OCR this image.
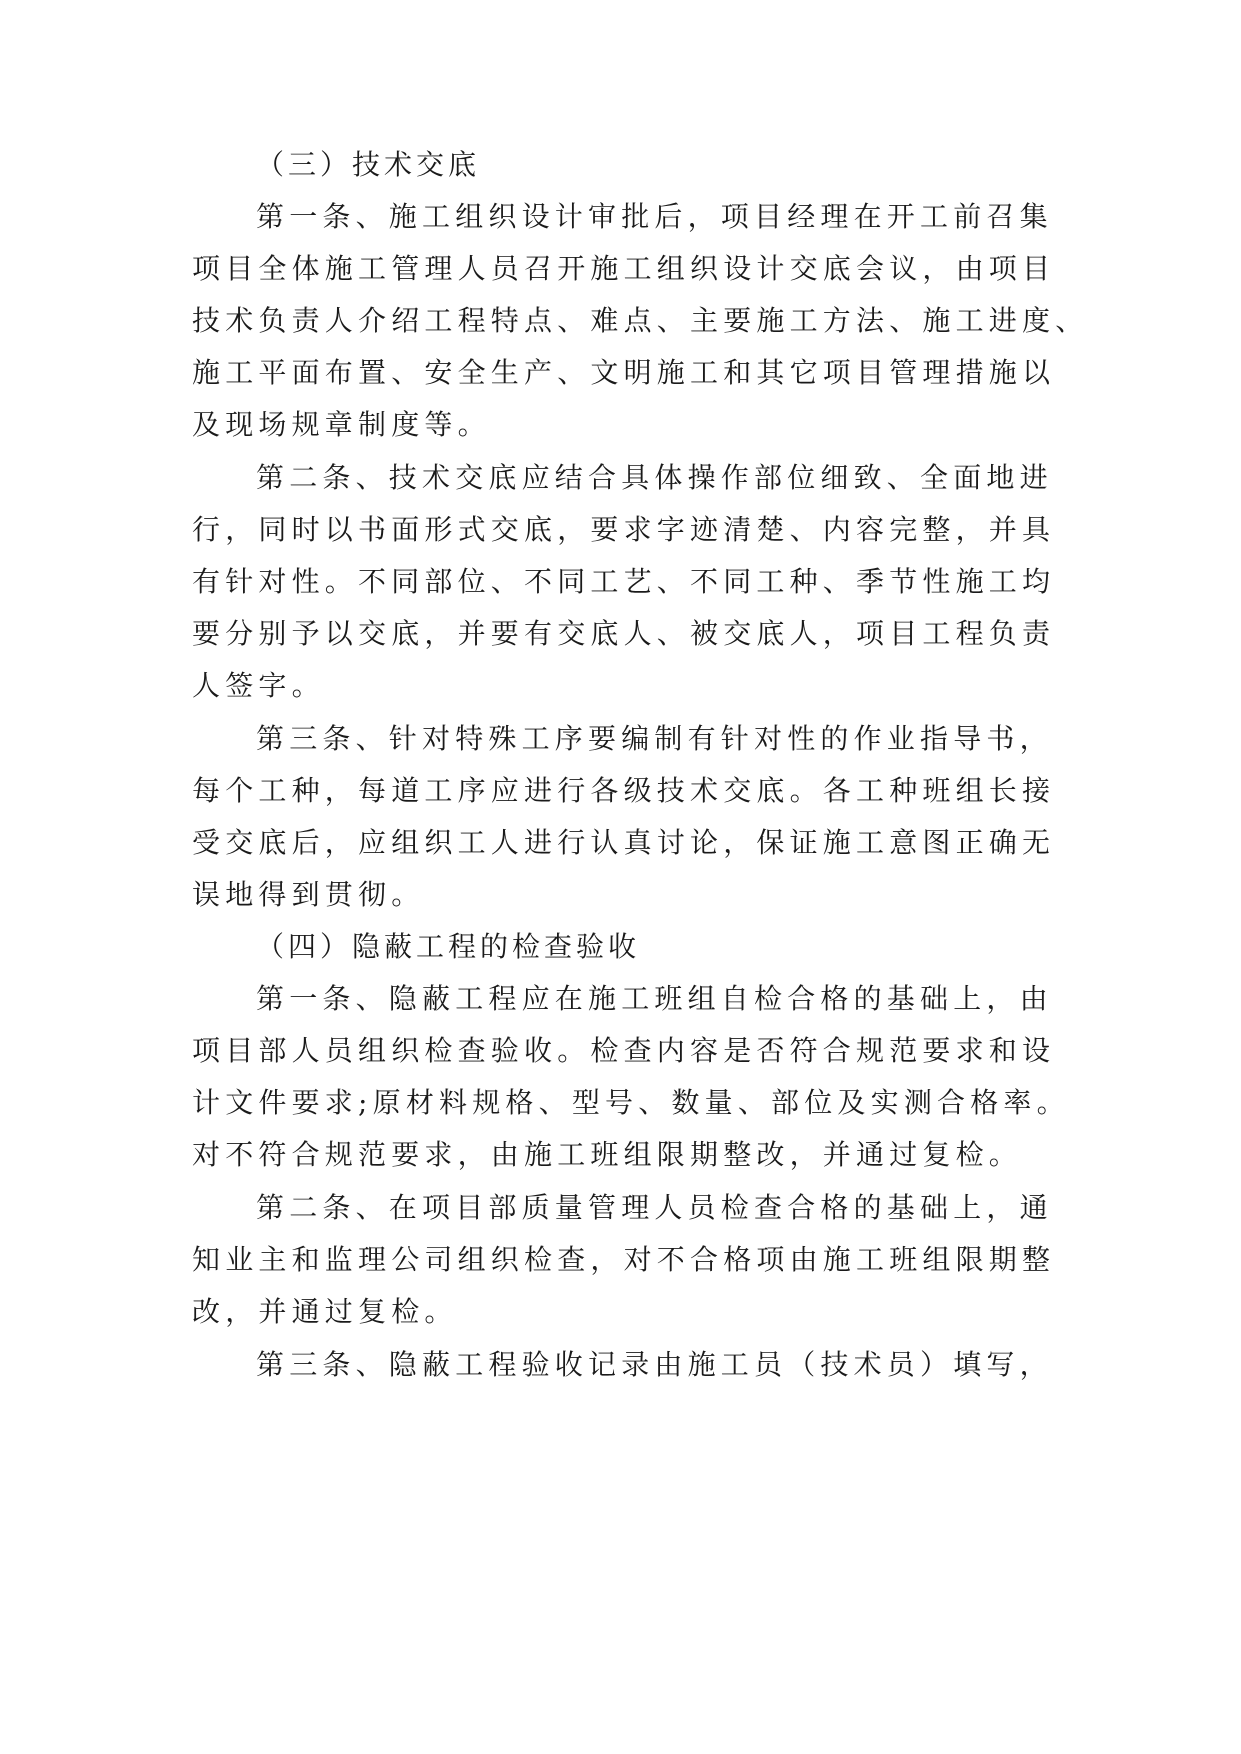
（三）技术交底
第一条、施工组织设计审批后，项目经理在开工前召集
项目全体施工管理人员召开施工组织设计交底会议，由项目
技术负责人介绍工程特点、难点、主要施工方法、施工进度、
施工平面布置、安全生产、文明施工和其它项目管理措施以
及现场规章制度等。
第二条、技术交底应结合具体操作部位细致、全面地进
行，同时以书面形式交底，要求字迹清楚、内容完整，并具
有针对性。不同部位、不同工艺、不同工种、季节性施工均
要分别予以交底，并要有交底人、被交底人，项目工程负责
人签字。
第三条、针对特殊工序要编制有针对性的作业指导书，
每个工种，每道工序应进行各级技术交底。各工种班组长接
受交底后，应组织工人进行认真讨论，保证施工意图正确无
误地得到贯彻。
（四）隐蔽工程的检查验收
第一条、隐蔽工程应在施工班组自检合格的基础上，由
项目部人员组织检查验收。检查内容是否符合规范要求和设
计文件要求;原材料规格、型号、数量、部位及实测合格率。
对不符合规范要求，由施工班组限期整改，并通过复检。
第二条、在项目部质量管理人员检查合格的基础上，通
知业主和监理公司组织检查，对不合格项由施工班组限期整
改，并通过复检。
第三条、隐蔽工程验收记录由施工员（技术员）填写，
